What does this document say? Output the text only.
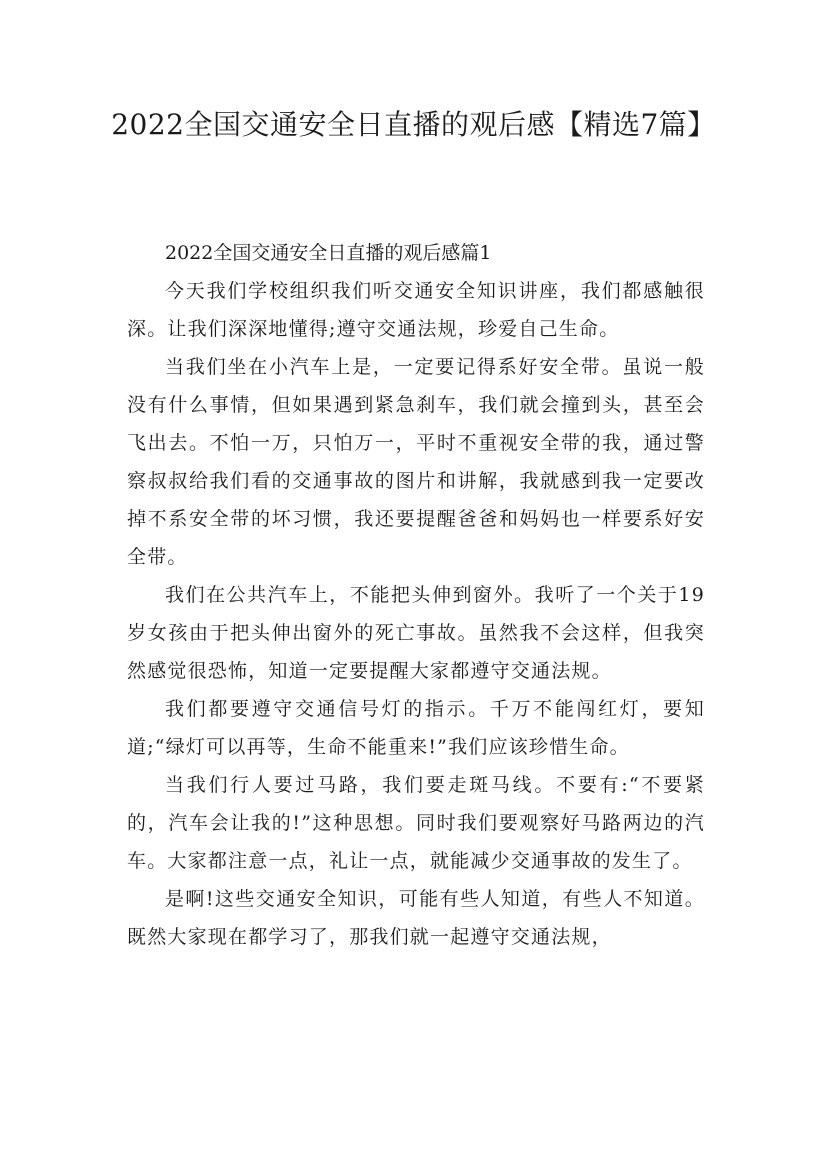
2022全国交通安全日直播的观后感【精选7篇】

2022全国交通安全日直播的观后感篇1

今天我们学校组织我们听交通安全知识讲座，我们都感触很深。让我们深深地懂得;遵守交通法规，珍爱自己生命。

当我们坐在小汽车上是，一定要记得系好安全带。虽说一般没有什么事情，但如果遇到紧急刹车，我们就会撞到头，甚至会飞出去。不怕一万，只怕万一，平时不重视安全带的我，通过警察叔叔给我们看的交通事故的图片和讲解，我就感到我一定要改掉不系安全带的坏习惯，我还要提醒爸爸和妈妈也一样要系好安全带。

我们在公共汽车上，不能把头伸到窗外。我听了一个关于19岁女孩由于把头伸出窗外的死亡事故。虽然我不会这样，但我突然感觉很恐怖，知道一定要提醒大家都遵守交通法规。

我们都要遵守交通信号灯的指示。千万不能闯红灯，要知道;“绿灯可以再等，生命不能重来!”我们应该珍惜生命。

当我们行人要过马路，我们要走斑马线。不要有:“不要紧的，汽车会让我的!”这种思想。同时我们要观察好马路两边的汽车。大家都注意一点，礼让一点，就能减少交通事故的发生了。

是啊!这些交通安全知识，可能有些人知道，有些人不知道。既然大家现在都学习了，那我们就一起遵守交通法规，
